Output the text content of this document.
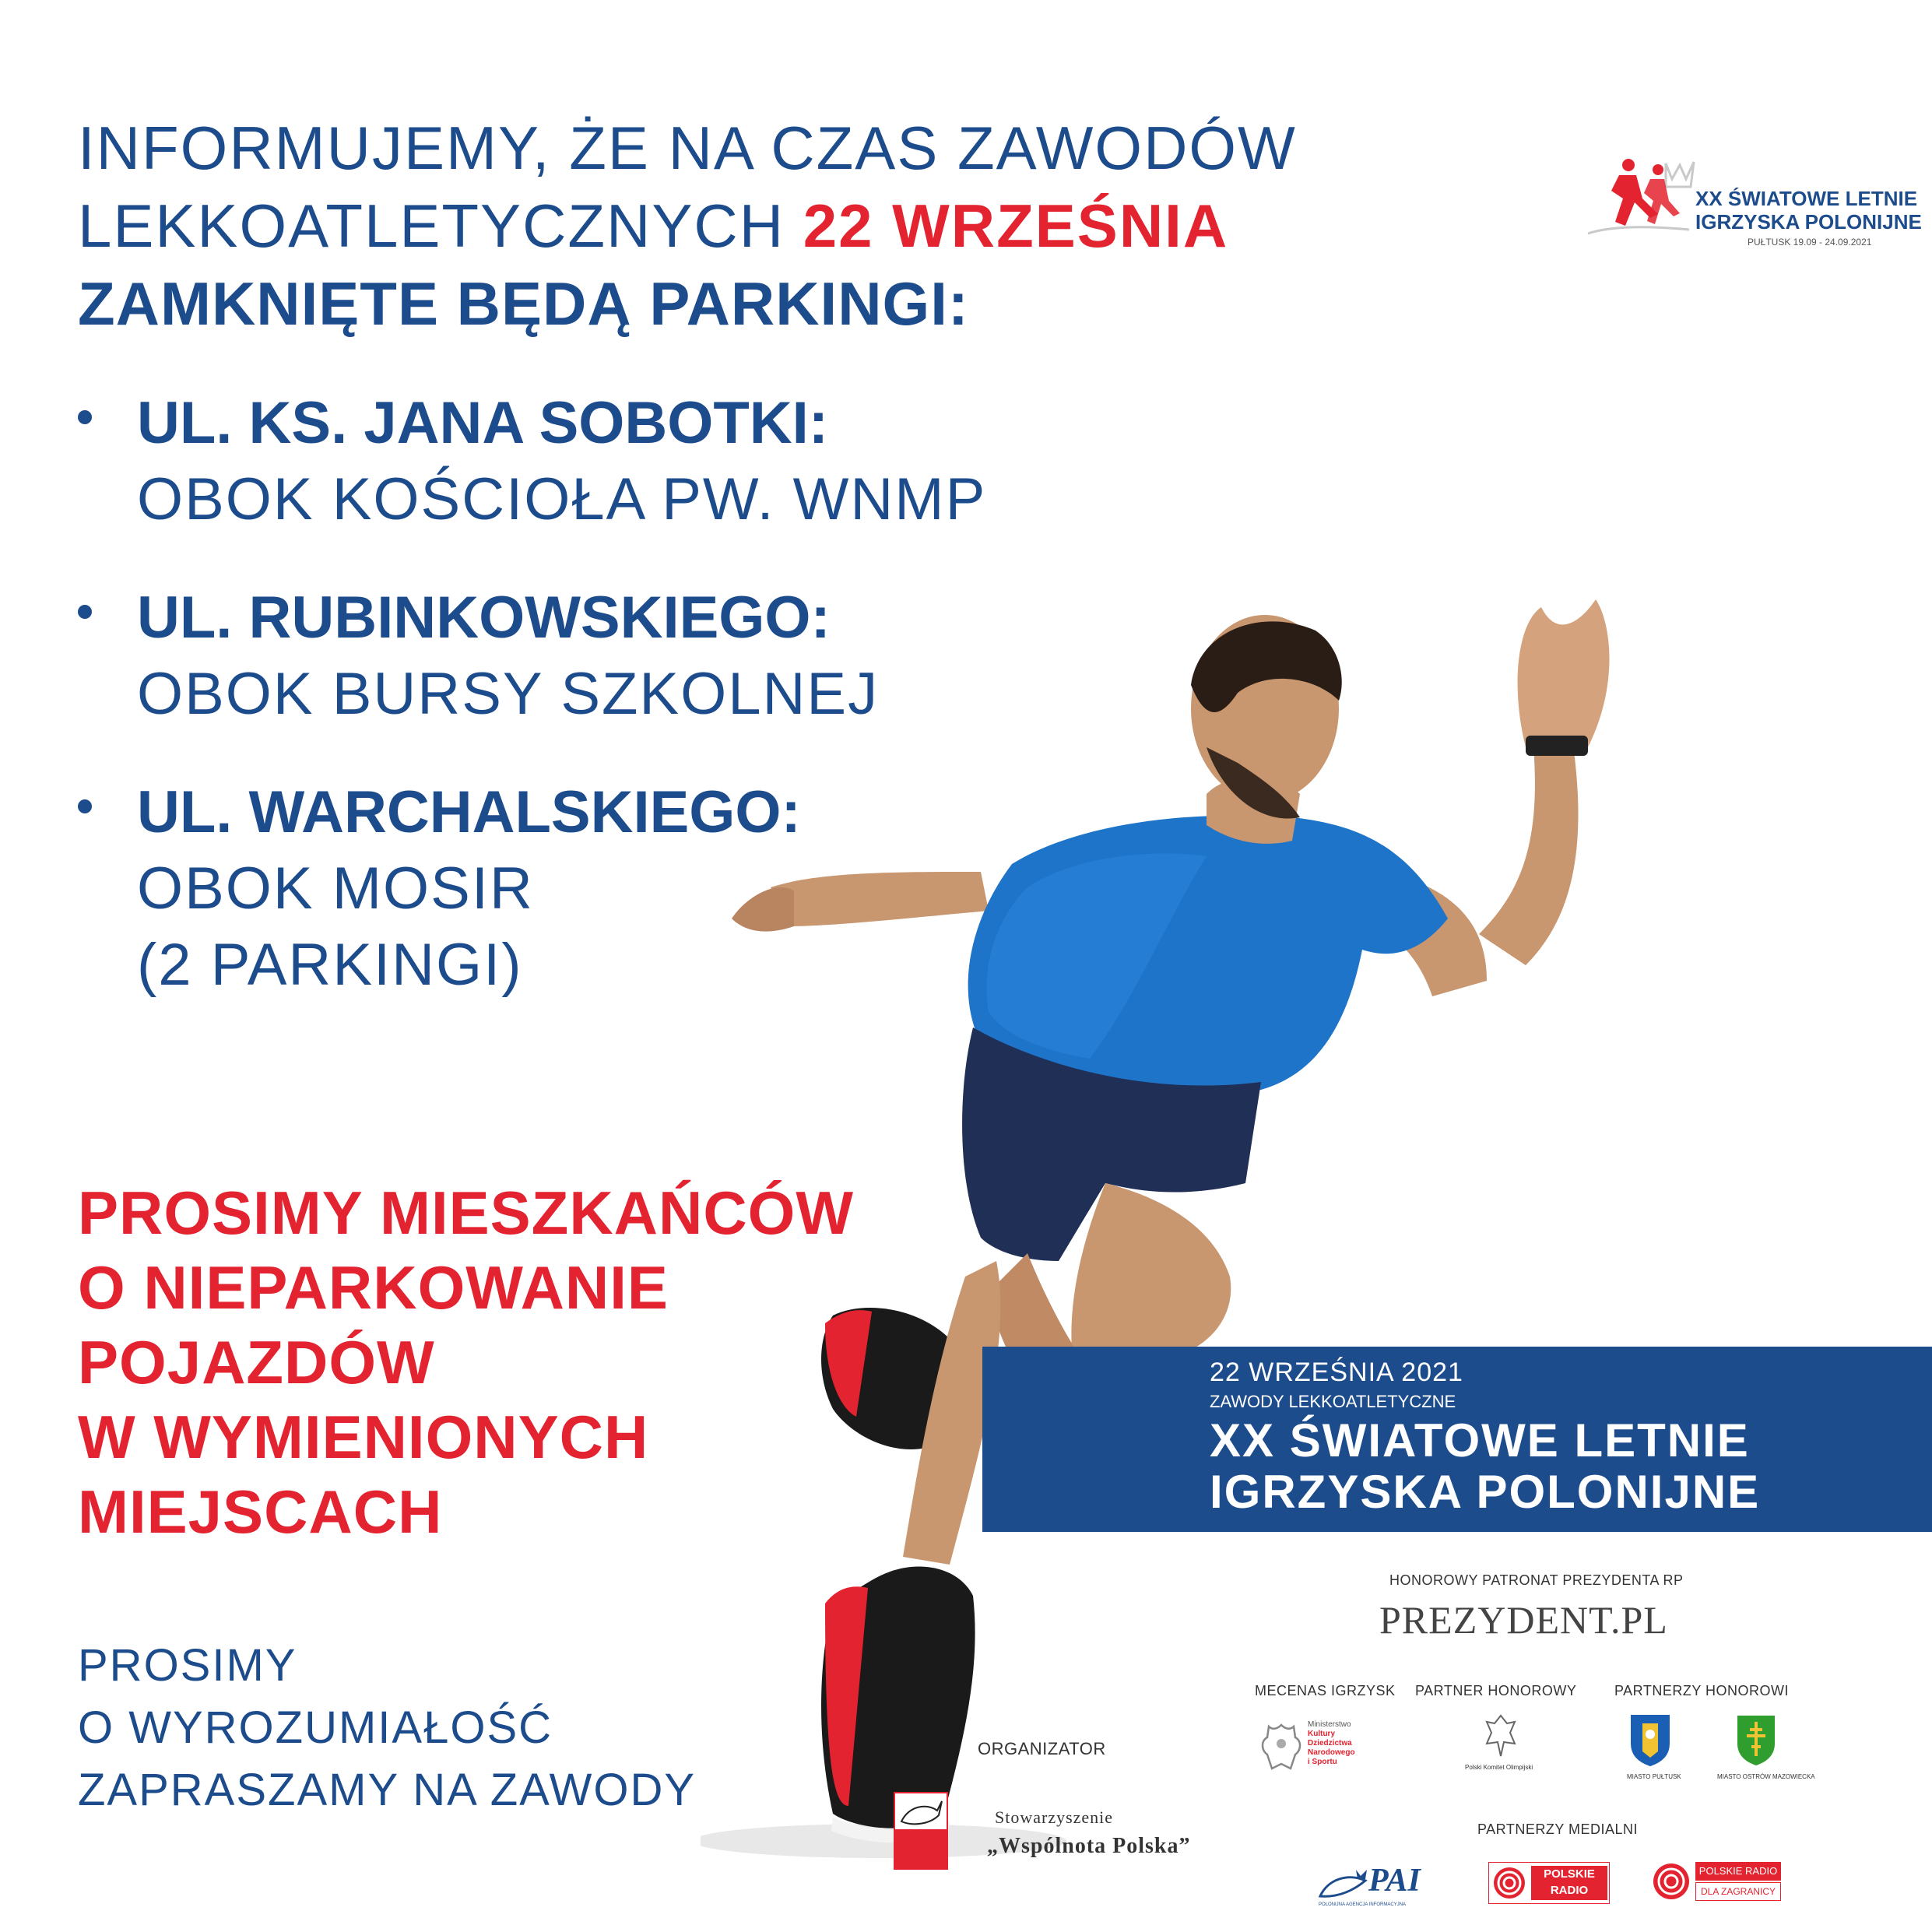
INFORMUJEMY, ŻE NA CZAS ZAWODÓW
LEKKOATLETYCZNYCH 22 WRZEŚNIA
ZAMKNIĘTE BĘDĄ PARKINGI:
UL. KS. JANA SOBOTKI:
OBOK KOŚCIOŁA PW. WNMP
UL. RUBINKOWSKIEGO:
OBOK BURSY SZKOLNEJ
UL. WARCHALSKIEGO:
OBOK MOSIR
(2 PARKINGI)
PROSIMY MIESZKAŃCÓW
O NIEPARKOWANIE
POJAZDÓW
W WYMIENIONYCH
MIEJSCACH
PROSIMY
O WYROZUMIAŁOŚĆ
ZAPRASZAMY NA ZAWODY
XX ŚWIATOWE LETNIE
IGRZYSKA POLONIJNE
PUŁTUSK 19.09 - 24.09.2021
22 WRZEŚNIA 2021
ZAWODY LEKKOATLETYCZNE
XX ŚWIATOWE LETNIE
IGRZYSKA POLONIJNE
HONOROWY PATRONAT PREZYDENTA RP
PREZYDENT.PL
MECENAS IGRZYSK PARTNER HONOROWY	PARTNERZY HONOROWI
Ministerstwo
Kultury
Dziedzictwa
Narodowego
i Sportu
Polski Komitet Olimpijski
MIASTO PUŁTUSK	MIASTO OSTRÓW MAZOWIECKA
ORGANIZATOR
Stowarzyszenie
„Wspólnota Polska”
PARTNERZY MEDIALNI
PAI
POLONIJNA AGENCJA INFORMACYJNA
POLSKIE
RADIO
POLSKIE RADIO
DLA ZAGRANICY
